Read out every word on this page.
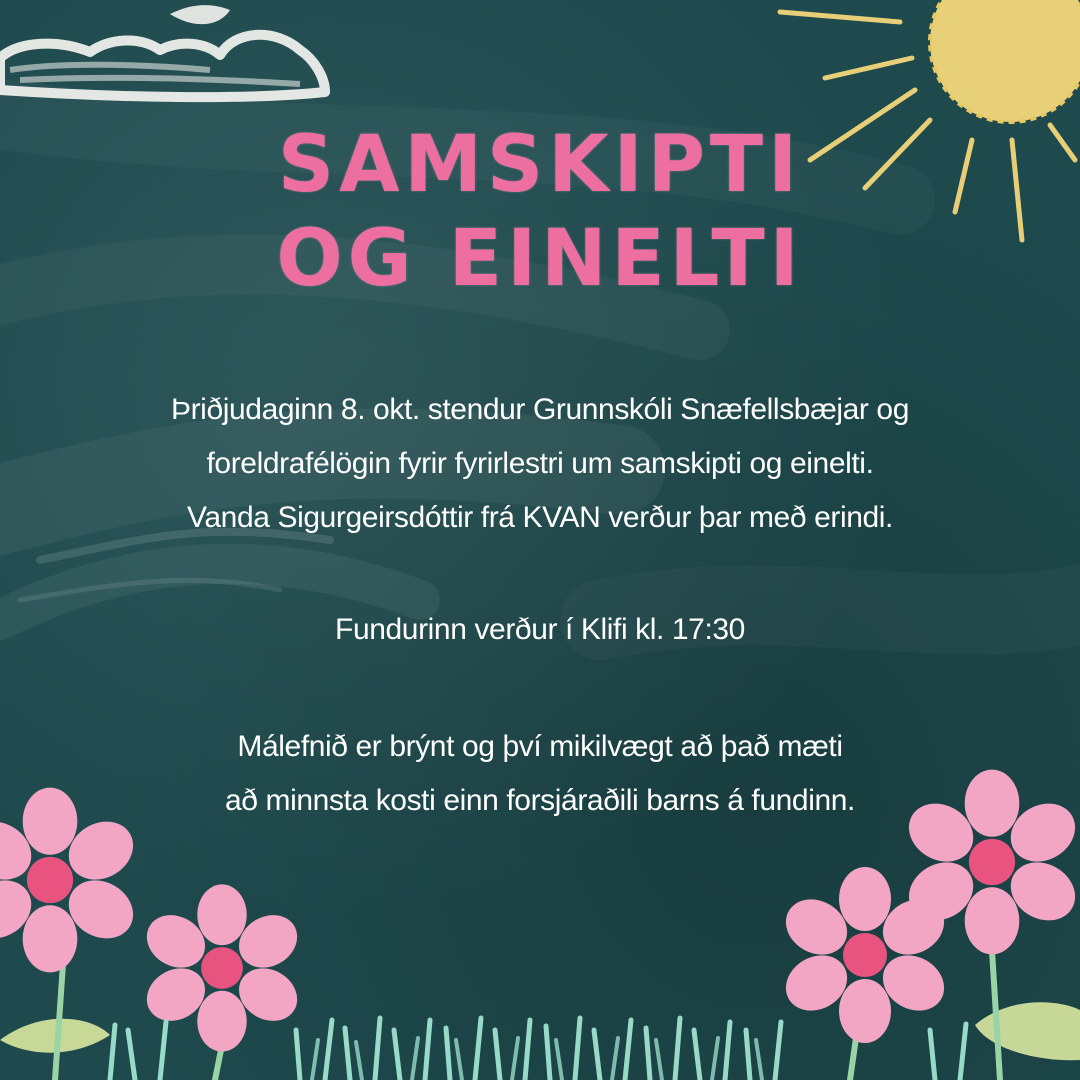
SAMSKIPTI
OG EINELTI
Þriðjudaginn 8. okt. stendur Grunnskóli Snæfellsbæjar og
foreldrafélögin fyrir fyrirlestri um samskipti og einelti.
Vanda Sigurgeirsdóttir frá KVAN verður þar með erindi.
Fundurinn verður í Klifi kl. 17:30
Málefnið er brýnt og því mikilvægt að það mæti
að minnsta kosti einn forsjáraðili barns á fundinn.
